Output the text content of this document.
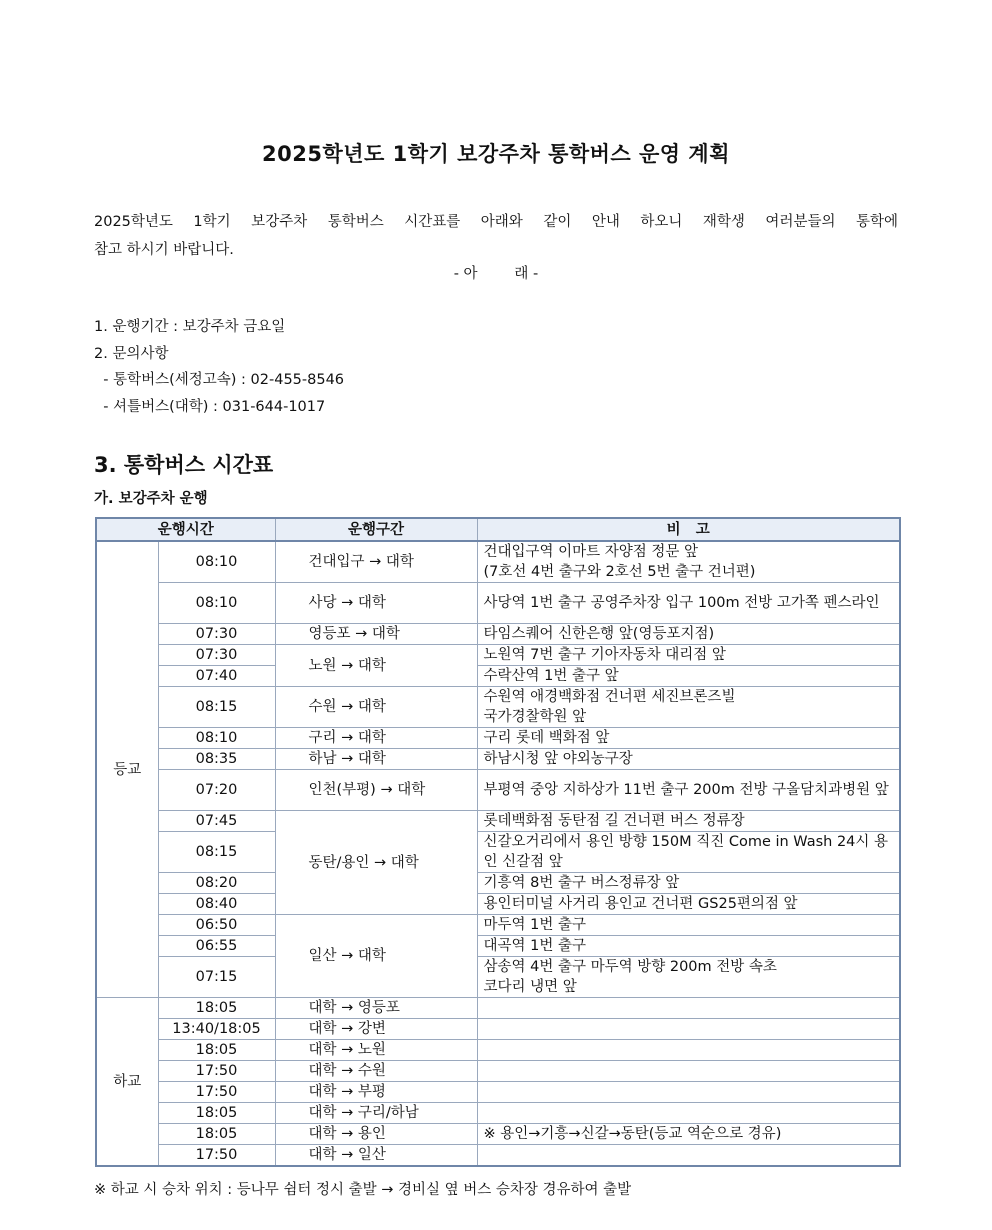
2025학년도 1학기 보강주차 통학버스 운영 계획
2025학년도 1학기 보강주차 통학버스 시간표를 아래와 같이 안내 하오니 재학생 여러분들의 통학에
참고 하시기 바랍니다.
- 아        래 -
1. 운행기간 : 보강주차 금요일
2. 문의사항
- 통학버스(세정고속) : 02-455-8546
- 셔틀버스(대학) : 031-644-1017
3. 통학버스 시간표
가. 보강주차 운행
운행시간		운행구간	비   고
등교	08:10	건대입구 → 대학	건대입구역 이마트 자양점 정문 앞
(7호선 4번 출구와 2호선 5번 출구 건너편)
	08:10	사당 → 대학	사당역 1번 출구 공영주차장 입구 100m 전방 고가쪽 펜스라인
	07:30	영등포 → 대학	타임스퀘어 신한은행 앞(영등포지점)
	07:30	노원 → 대학	노원역 7번 출구 기아자동차 대리점 앞
	07:40		수락산역 1번 출구 앞
	08:15	수원 → 대학	수원역 애경백화점 건너편 세진브론즈빌
국가경찰학원 앞
	08:10	구리 → 대학	구리 롯데 백화점 앞
	08:35	하남 → 대학	하남시청 앞 야외농구장
	07:20	인천(부평) → 대학	부평역 중앙 지하상가 11번 출구 200m 전방 구올담치과병원 앞
	07:45	동탄/용인 → 대학	롯데백화점 동탄점 길 건너편 버스 정류장
	08:15		신갈오거리에서 용인 방향 150M 직진 Come in Wash 24시 용인 신갈점 앞
	08:20		기흥역 8번 출구 버스정류장 앞
	08:40		용인터미널 사거리 용인교 건너편 GS25편의점 앞
	06:50	일산 → 대학	마두역 1번 출구
	06:55		대곡역 1번 출구
	07:15		삼송역 4번 출구 마두역 방향 200m 전방 속초
코다리 냉면 앞
하교	18:05	대학 → 영등포	
	13:40/18:05	대학 → 강변	
	18:05	대학 → 노원	
	17:50	대학 → 수원	
	17:50	대학 → 부평	
	18:05	대학 → 구리/하남	
	18:05	대학 → 용인	※ 용인→기흥→신갈→동탄(등교 역순으로 경유)
	17:50	대학 → 일산	
※ 하교 시 승차 위치 : 등나무 쉼터 정시 출발 → 경비실 옆 버스 승차장 경유하여 출발
